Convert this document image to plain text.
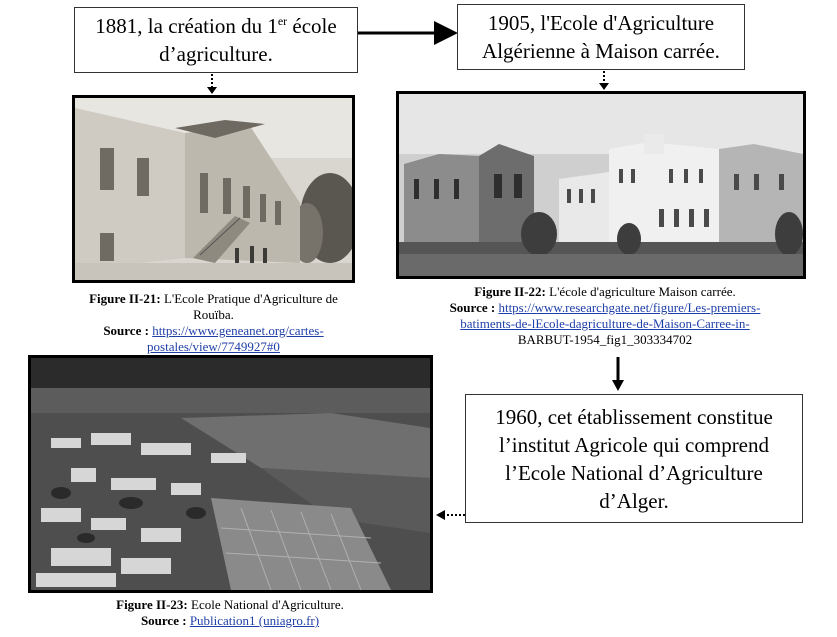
1881, la création du 1er école
d’agriculture.
1905, l'Ecole d'Agriculture
Algérienne à Maison carrée.
1960, cet établissement constitue
l’institut Agricole qui comprend
l’Ecole National d’Agriculture
d’Alger.
Figure II-21: L'Ecole Pratique d'Agriculture de Rouïba.
Source : https://www.geneanet.org/cartes-
postales/view/7749927#0
Figure II-22: L'école d'agriculture Maison carrée.
Source : https://www.researchgate.net/figure/Les-premiers-
batiments-de-lEcole-dagriculture-de-Maison-Carree-in-
BARBUT-1954_fig1_303334702
Figure II-23: Ecole National d'Agriculture.
Source : Publication1 (uniagro.fr)
